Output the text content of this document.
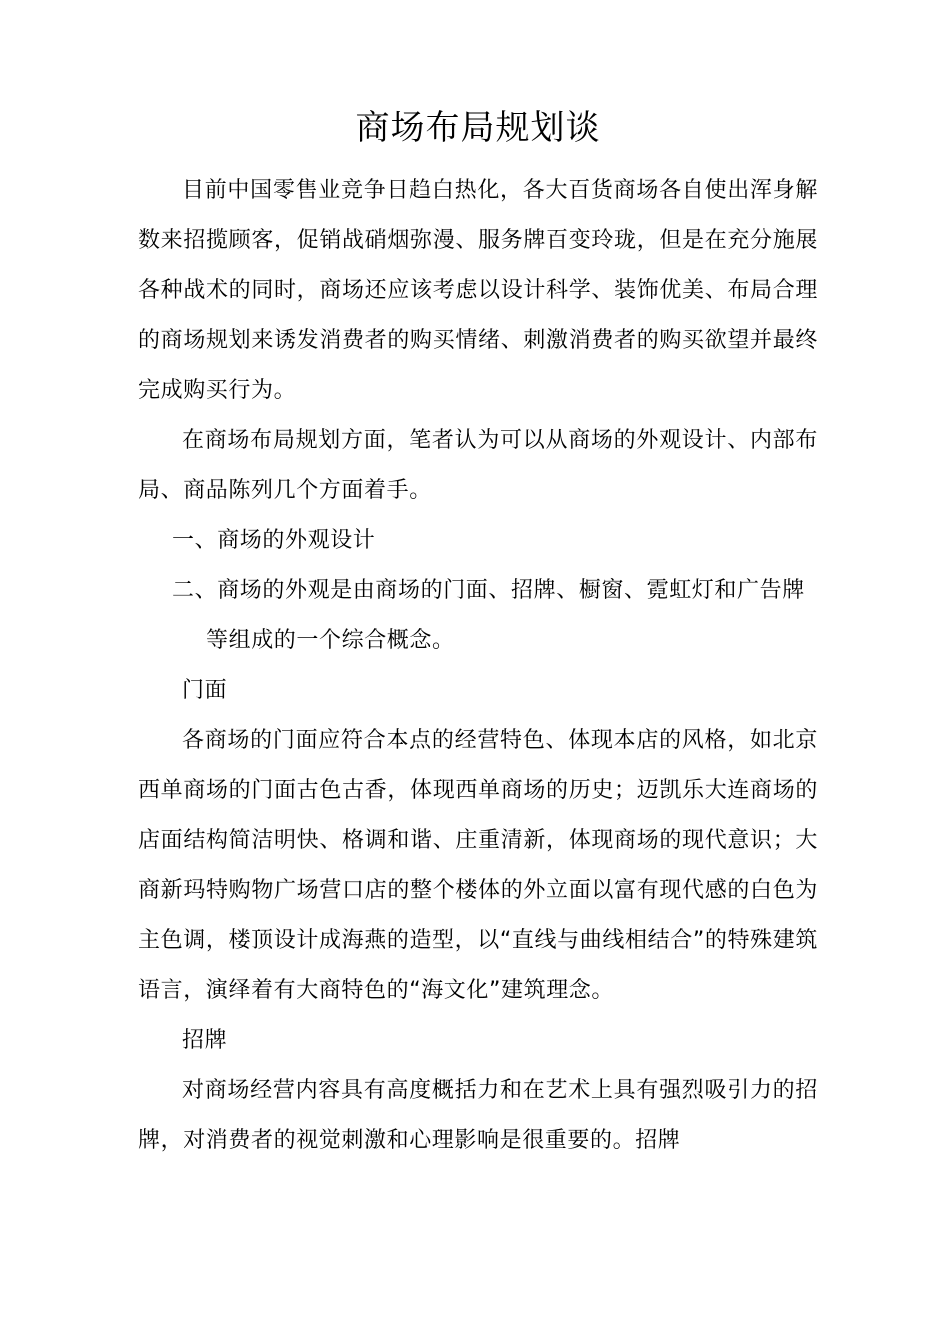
商场布局规划谈

目前中国零售业竞争日趋白热化，各大百货商场各自使出浑身解数来招揽顾客，促销战硝烟弥漫、服务牌百变玲珑，但是在充分施展各种战术的同时，商场还应该考虑以设计科学、装饰优美、布局合理的商场规划来诱发消费者的购买情绪、刺激消费者的购买欲望并最终完成购买行为。

在商场布局规划方面，笔者认为可以从商场的外观设计、内部布局、商品陈列几个方面着手。

一、商场的外观设计

二、商场的外观是由商场的门面、招牌、橱窗、霓虹灯和广告牌等组成的一个综合概念。

门面

各商场的门面应符合本点的经营特色、体现本店的风格，如北京西单商场的门面古色古香，体现西单商场的历史；迈凯乐大连商场的店面结构简洁明快、格调和谐、庄重清新，体现商场的现代意识；大商新玛特购物广场营口店的整个楼体的外立面以富有现代感的白色为主色调，楼顶设计成海燕的造型，以“直线与曲线相结合”的特殊建筑语言，演绎着有大商特色的“海文化”建筑理念。

招牌

对商场经营内容具有高度概括力和在艺术上具有强烈吸引力的招牌，对消费者的视觉刺激和心理影响是很重要的。招牌
